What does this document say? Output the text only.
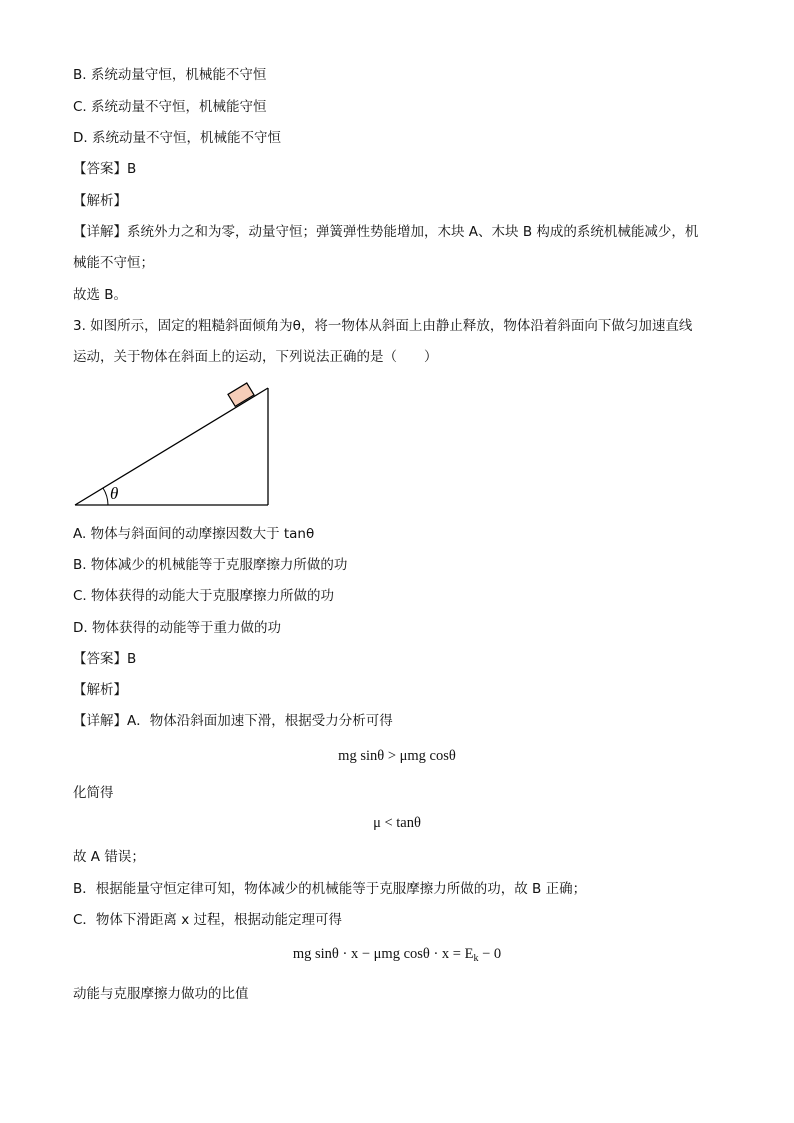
B. 系统动量守恒，机械能不守恒
C. 系统动量不守恒，机械能守恒
D. 系统动量不守恒，机械能不守恒
【答案】B
【解析】
【详解】系统外力之和为零，动量守恒；弹簧弹性势能增加，木块 A、木块 B 构成的系统机械能减少，机
械能不守恒；
故选 B。
3. 如图所示，固定的粗糙斜面倾角为θ，将一物体从斜面上由静止释放，物体沿着斜面向下做匀加速直线
运动，关于物体在斜面上的运动，下列说法正确的是（　　）
θ
A. 物体与斜面间的动摩擦因数大于 tanθ
B. 物体减少的机械能等于克服摩擦力所做的功
C. 物体获得的动能大于克服摩擦力所做的功
D. 物体获得的动能等于重力做的功
【答案】B
【解析】
【详解】A．物体沿斜面加速下滑，根据受力分析可得
mg sinθ > μmg cosθ
化简得
μ < tanθ
故 A 错误；
B．根据能量守恒定律可知，物体减少的机械能等于克服摩擦力所做的功，故 B 正确；
C．物体下滑距离 x 过程，根据动能定理可得
mg sinθ · x − μmg $\cos\theta \cdot x = E_k - 0$
动能与克服摩擦力做功的比值
